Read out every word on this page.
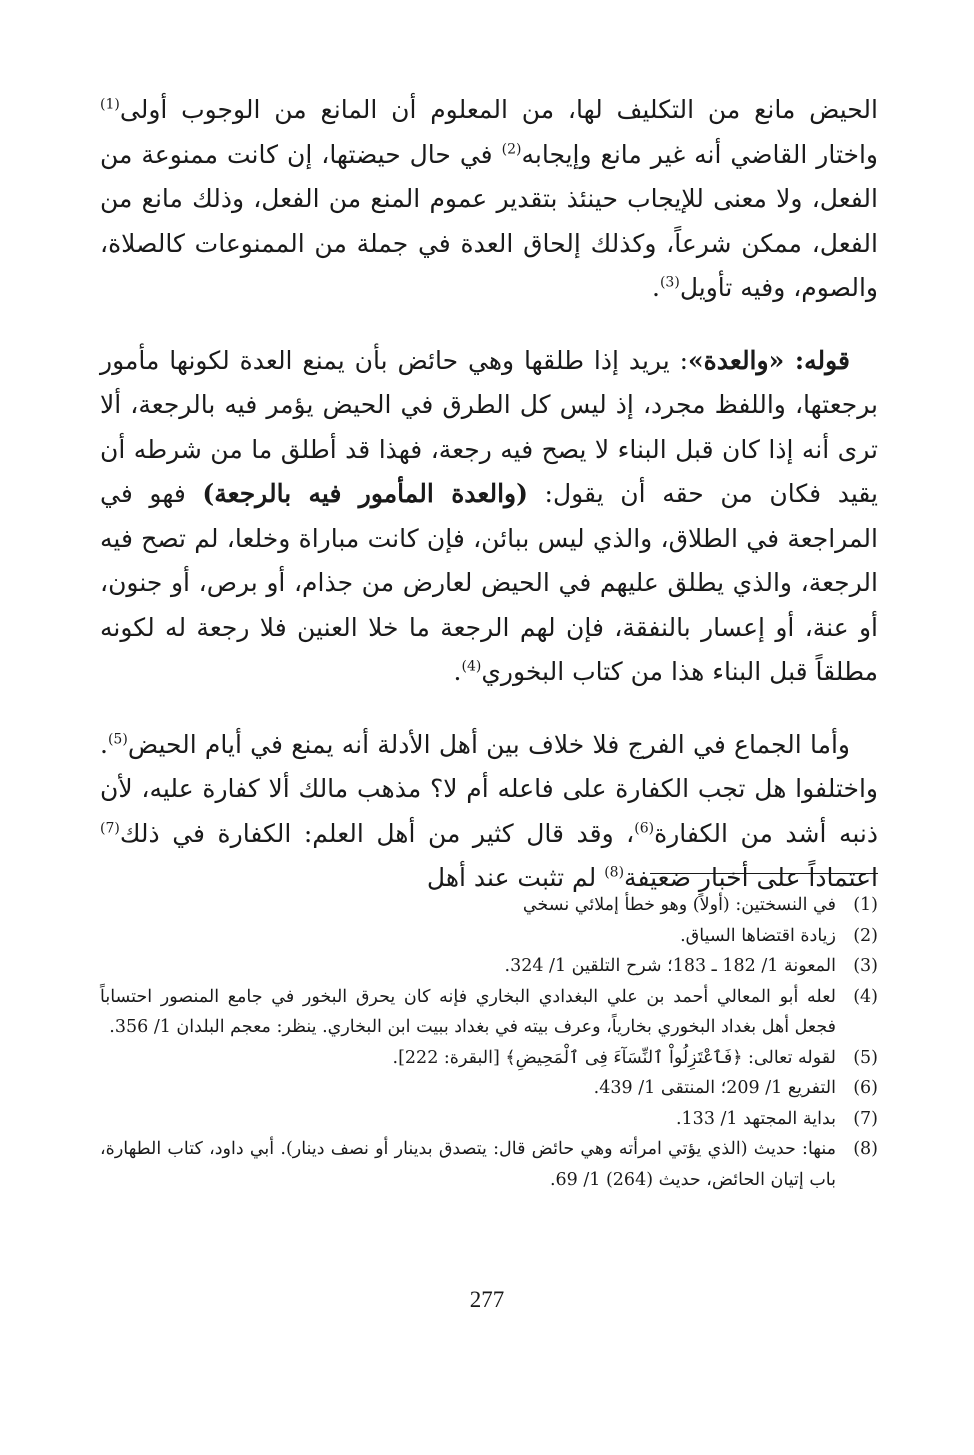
الحيض مانع من التكليف لها، من المعلوم أن المانع من الوجوب أولى$^{(1)}$ واختار القاضي أنه غير مانع وإيجابه$^{(2)}$ في حال حيضتها، إن كانت ممنوعة من الفعل، ولا معنى للإيجاب حينئذ بتقدير عموم المنع من الفعل، وذلك مانع من الفعل، ممكن شرعاً، وكذلك إلحاق العدة في جملة من الممنوعات كالصلاة، والصوم، وفيه تأويل$^{(3)}$.

قوله: «والعدة»: يريد إذا طلقها وهي حائض بأن يمنع العدة لكونها مأمور برجعتها، واللفظ مجرد، إذ ليس كل الطرق في الحيض يؤمر فيه بالرجعة، ألا ترى أنه إذا كان قبل البناء لا يصح فيه رجعة، فهذا قد أطلق ما من شرطه أن يقيد فكان من حقه أن يقول: (والعدة المأمور فيه بالرجعة) فهو في المراجعة في الطلاق، والذي ليس ببائن، فإن كانت مباراة وخلعا، لم تصح فيه الرجعة، والذي يطلق عليهم في الحيض لعارض من جذام، أو برص، أو جنون، أو عنة، أو إعسار بالنفقة، فإن لهم الرجعة ما خلا العنين فلا رجعة له لكونه مطلقاً قبل البناء هذا من كتاب البخوري$^{(4)}$.

وأما الجماع في الفرج فلا خلاف بين أهل الأدلة أنه يمنع في أيام الحيض$^{(5)}$. واختلفوا هل تجب الكفارة على فاعله أم لا؟ مذهب مالك ألا كفارة عليه، لأن ذنبه أشد من الكفارة$^{(6)}$، وقد قال كثير من أهل العلم: الكفارة في ذلك$^{(7)}$ اعتماداً على أخبار ضعيفة$^{(8)}$ لم تثبت عند أهل

(1)
في النسختين: (أولاً) وهو خطأ إملائي نسخي
(2)
زيادة اقتضاها السياق.
(3)
المعونة 1/ 182 ـ 183؛ شرح التلقين 1/ 324.
(4)
لعله أبو المعالي أحمد بن علي البغدادي البخاري فإنه كان يحرق البخور في جامع المنصور احتساباً فجعل أهل بغداد البخوري بخارياً، وعرف بيته في بغداد ببيت ابن البخاري. ينظر: معجم البلدان 1/ 356.
(5)
لقوله تعالى: ﴿فَٱعْتَزِلُواْ ٱلنِّسَآءَ فِى ٱلْمَحِيضِ﴾ [البقرة: 222].
(6)
التفريع 1/ 209؛ المنتقى 1/ 439.
(7)
بداية المجتهد 1/ 133.
(8)
منها: حديث (الذي يؤتي امرأته وهي حائض قال: يتصدق بدينار أو نصف دينار). أبي داود، كتاب الطهارة، باب إتيان الحائض، حديث (264) 1/ 69.
277
